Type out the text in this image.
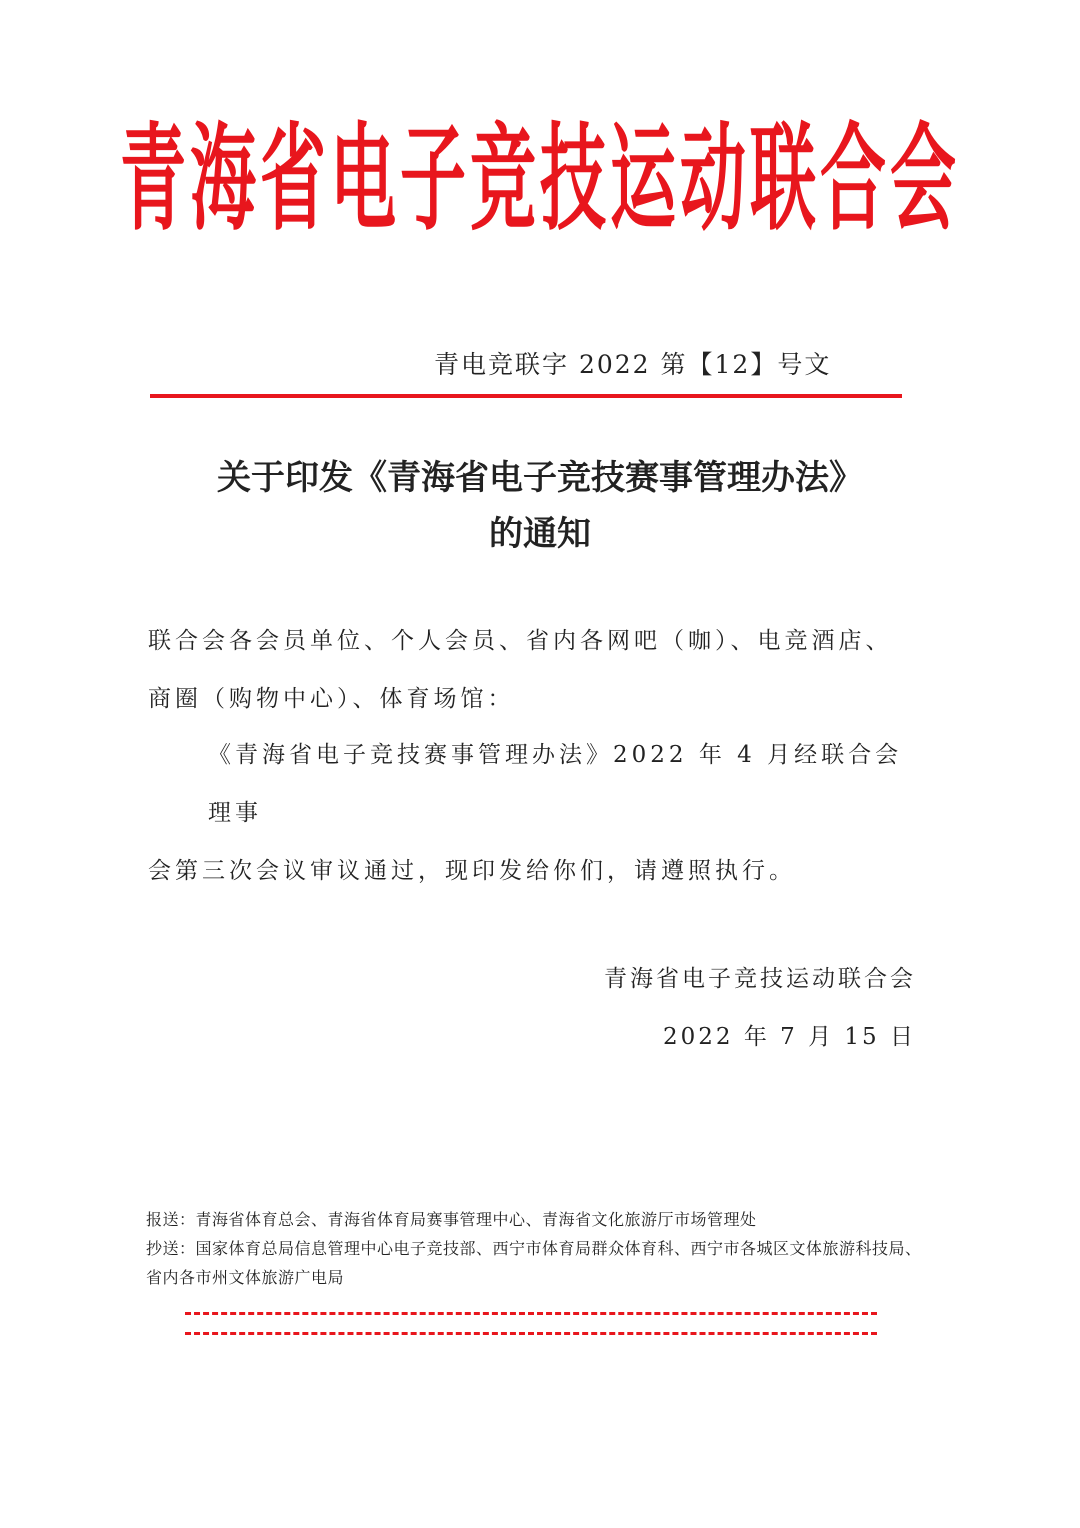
青海省电子竞技运动联合会
青电竞联字 2022 第【12】号文
关于印发《青海省电子竞技赛事管理办法》
的通知
联合会各会员单位、个人会员、省内各网吧（咖）、电竞酒店、
商圈（购物中心）、体育场馆：
《青海省电子竞技赛事管理办法》2022 年 4 月经联合会理事
会第三次会议审议通过，现印发给你们，请遵照执行。
青海省电子竞技运动联合会
2022 年 7 月 15 日
报送：青海省体育总会、青海省体育局赛事管理中心、青海省文化旅游厅市场管理处
抄送：国家体育总局信息管理中心电子竞技部、西宁市体育局群众体育科、西宁市各城区文体旅游科技局、省内各市州文体旅游广电局
